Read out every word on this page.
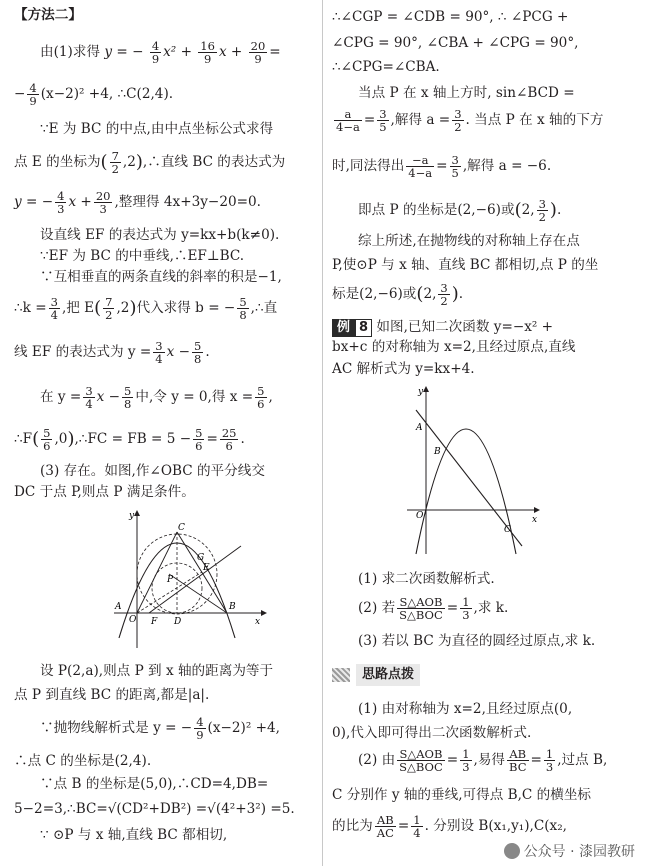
【方法二】
由(1)求得 y = − $\frac{4}{9} x^2 + \frac{16}{9}$ $x + \frac{20}{9}$ =
− $\frac{4}{9} (x-2)^2 +4$, ∴C(2,4).
∵E 为 BC 的中点,由中点坐标公式求得
点 E 的坐标为( $\frac{7}{2}$ ,2),∴直线 BC 的表达式为
y = − $\frac{4}{3}$ $x + \frac{20}{3}$ ,整理得 4x+3y−20=0.
设直线 EF 的表达式为 y=kx+b(k≠0).
∵EF 为 BC 的中垂线,∴EF⊥BC.
∵互相垂直的两条直线的斜率的积是−1,
∴k = $\frac{3}{4}$ ,把 $E( \frac{7}{2} ,2)$代入求得 b = − $\frac{5}{8}$ ,∴直
线 EF 的表达式为 $y = \frac{3}{4}$ $x - \frac{5}{8}$ .
在 $y = \frac{3}{4}$ $x - \frac{5}{8}$ 中,令 y = 0,得 $x = \frac{5}{6}$ ,
∴F( $\frac{5}{6}$ ,0),∴FC = FB = $5 - \frac{5}{6} = \frac{25}{6}$ .
(3) 存在。如图,作∠OBC 的平分线交
DC 于点 P,则点 P 满足条件。
y
x
O
A	B
C
D
E
F
G
P
设 P(2,a),则点 P 到 x 轴的距离为等于
点 P 到直线 BC 的距离,都是|a|.
∵抛物线解析式是 y = − $\frac{4}{9} (x-2)^2 +4$,
∴点 C 的坐标是(2,4).
∵点 B 的坐标是(5,0),∴CD=4,DB=
5−2=3,∴BC=√(CD²+DB²) =√(4²+3²) =5.
∵ ⊙P 与 x 轴,直线 BC 都相切,
∴∠CGP = ∠CDB = 90°, ∴ ∠PCG +
∠CPG = 90°, ∠CBA + ∠CPG = 90°,
∴∠CPG=∠CBA.
当点 P 在 x 轴上方时, sin∠BCD =
$\frac{a}{4-a} = \frac{3}{5}$ ,解得 $a = \frac{3}{2}$ . 当点 P 在 x 轴的下方
时,同法得出 $\frac{-a}{4-a} = \frac{3}{5}$ ,解得 a = −6.
即点 P 的坐标是(2,−6)或(2, $\frac{3}{2}$ ).
综上所述,在抛物线的对称轴上存在点
P,使⊙P 与 x 轴、直线 BC 都相切,点 P 的坐
标是(2,−6)或(2, $\frac{3}{2}$ ).
例 8 如图,已知二次函数 y=−x² +
bx+c 的对称轴为 x=2,且经过原点,直线
AC 解析式为 y=kx+4.
y
x
O
A
B
C
(1) 求二次函数解析式.
(2) 若 S△AOB
S△BOC = $\frac{1}{3}$ ,求 k.
(3) 若以 BC 为直径的圆经过原点,求 k.
思路点拨
(1) 由对称轴为 x=2,且经过原点(0,
0),代入即可得出二次函数解析式.
(2) 由 S△AOB
S△BOC = $\frac{1}{3}$ ,易得 $\frac{AB}{BC} = \frac{1}{3}$ ,过点 B,
C 分别作 y 轴的垂线,可得点 B,C 的横坐标
的比为 $\frac{AB}{AC} = \frac{1}{4}$ . 分别设 B(x₁,y₁),C(x₂,
公众号 · 漆园教研
